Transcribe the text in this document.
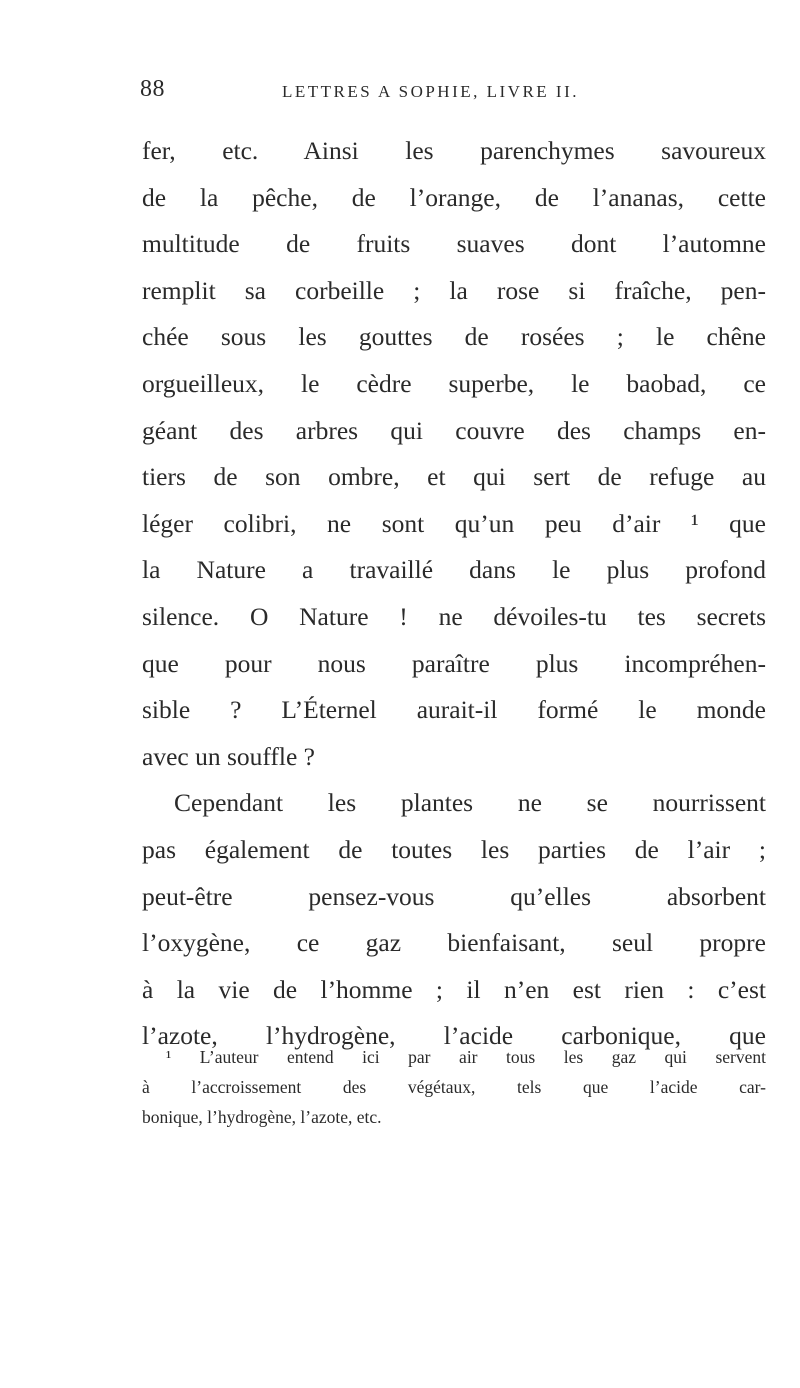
88	LETTRES A SOPHIE, LIVRE II.
fer, etc. Ainsi les parenchymes savoureux
de la pêche, de l’orange, de l’ananas, cette
multitude de fruits suaves dont l’automne
remplit sa corbeille ; la rose si fraîche, pen-
chée sous les gouttes de rosées ; le chêne
orgueilleux, le cèdre superbe, le baobad, ce
géant des arbres qui couvre des champs en-
tiers de son ombre, et qui sert de refuge au
léger colibri, ne sont qu’un peu d’air ¹ que
la Nature a travaillé dans le plus profond
silence. O Nature ! ne dévoiles-tu tes secrets
que pour nous paraître plus incompréhen-
sible ? L’Éternel aurait-il formé le monde
avec un souffle ?
Cependant les plantes ne se nourrissent
pas également de toutes les parties de l’air ;
peut-être pensez-vous qu’elles absorbent
l’oxygène, ce gaz bienfaisant, seul propre
à la vie de l’homme ; il n’en est rien : c’est
l’azote, l’hydrogène, l’acide carbonique, que
¹ L’auteur entend ici par air tous les gaz qui servent
à l’accroissement des végétaux, tels que l’acide car-
bonique, l’hydrogène, l’azote, etc.
